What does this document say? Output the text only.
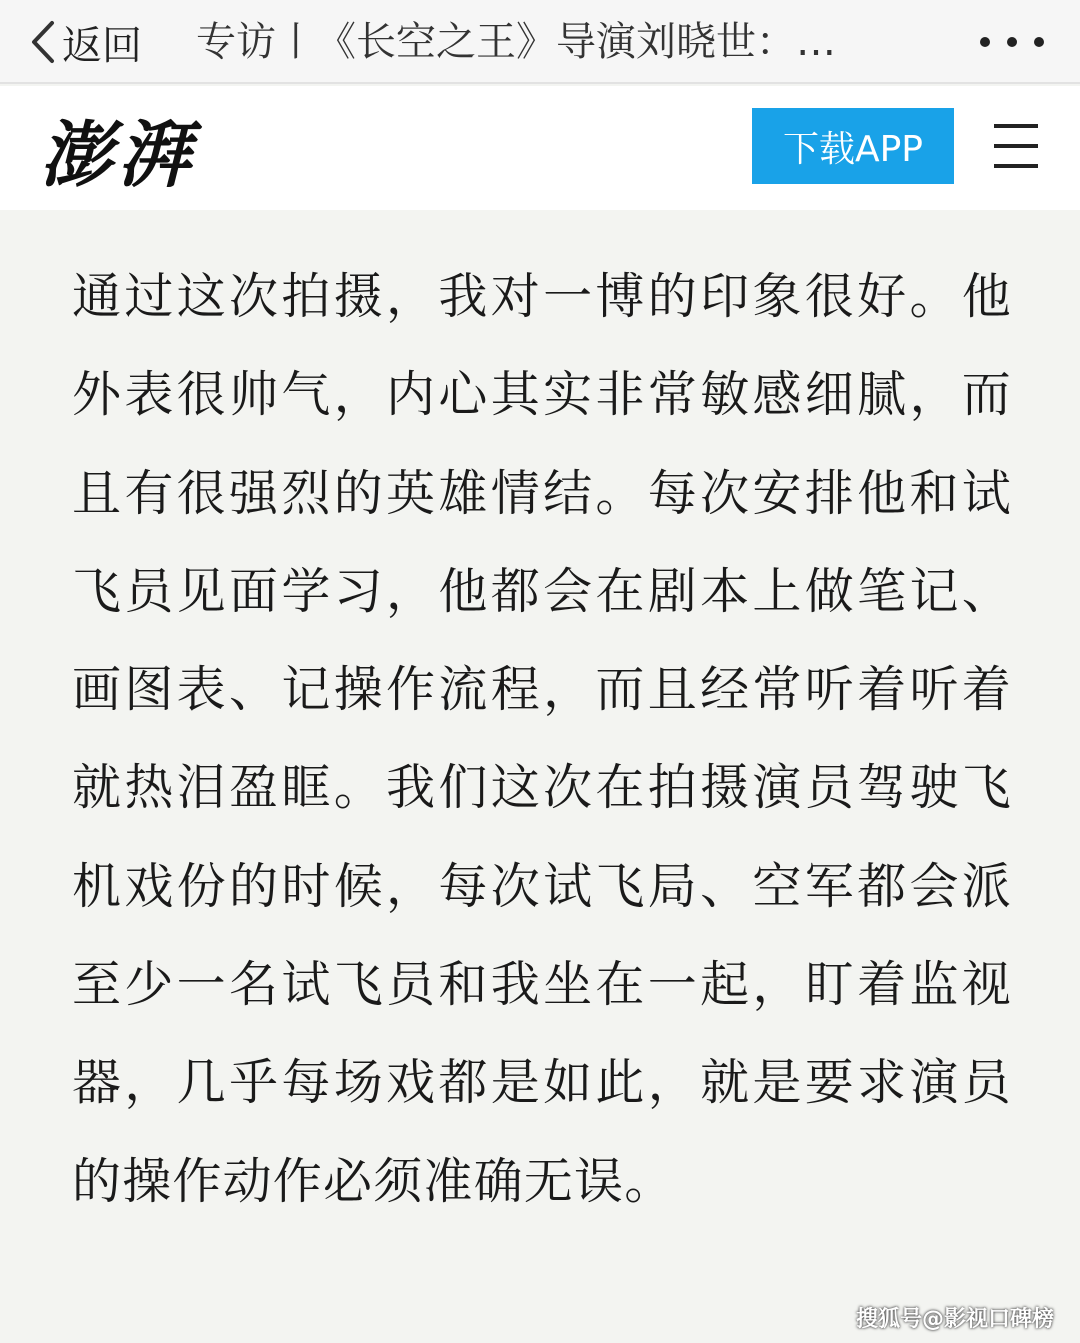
返回 专访丨《长空之王》导演刘晓世：…
澎湃	下载APP

通过这次拍摄，我对一博的印象很好。他外表很帅气，内心其实非常敏感细腻，而且有很强烈的英雄情结。每次安排他和试飞员见面学习，他都会在剧本上做笔记、画图表、记操作流程，而且经常听着听着就热泪盈眶。我们这次在拍摄演员驾驶飞机戏份的时候，每次试飞局、空军都会派至少一名试飞员和我坐在一起，盯着监视器，几乎每场戏都是如此，就是要求演员的操作动作必须准确无误。

搜狐号@影视口碑榜
